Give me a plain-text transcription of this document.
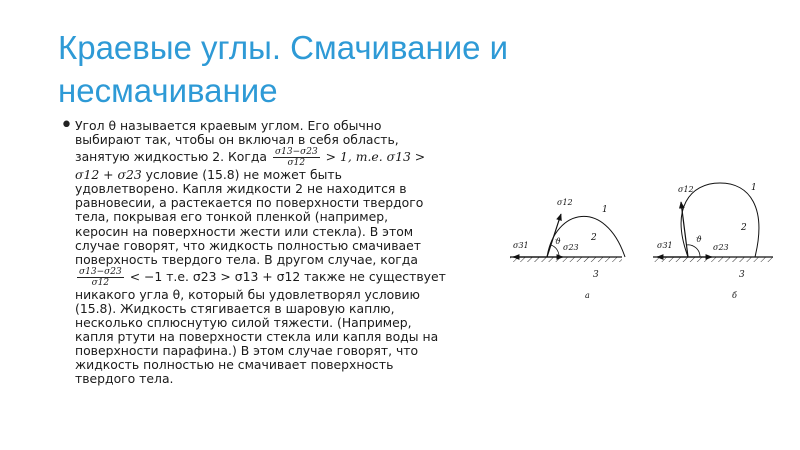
Краевые углы. Смачивание и несмачивание
• Угол θ называется краевым углом. Его обычно
выбирают так, чтобы он включал в себя область,
занятую жидкостью 2. Когда $\frac{\sigma 13-\sigma 23}{\sigma 12} > 1$, т.е. σ13 >
σ12 + σ23 условие (15.8) не может быть
удовлетворено. Капля жидкости 2 не находится в
равновесии, а растекается по поверхности твердого
тела, покрывая его тонкой пленкой (например,
керосин на поверхности жести или стекла). В этом
случае говорят, что жидкость полностью смачивает
поверхность твердого тела. В другом случае, когда
$\frac{\sigma 13-\sigma 23}{\sigma 12} < -1$ т.е. σ23 > σ13 + σ12 также не существует
никакого угла θ, который бы удовлетворял условию
(15.8). Жидкость стягивается в шаровую каплю,
несколько сплюснутую силой тяжести. (Например,
капля ртути на поверхности стекла или капля воды на
поверхности парафина.) В этом случае говорят, что
жидкость полностью не смачивает поверхность
твердого тела.
σ12
σ31	σ23
ϑ
1
2
3
а
σ12
σ31	σ23
ϑ
1
2
3
б
